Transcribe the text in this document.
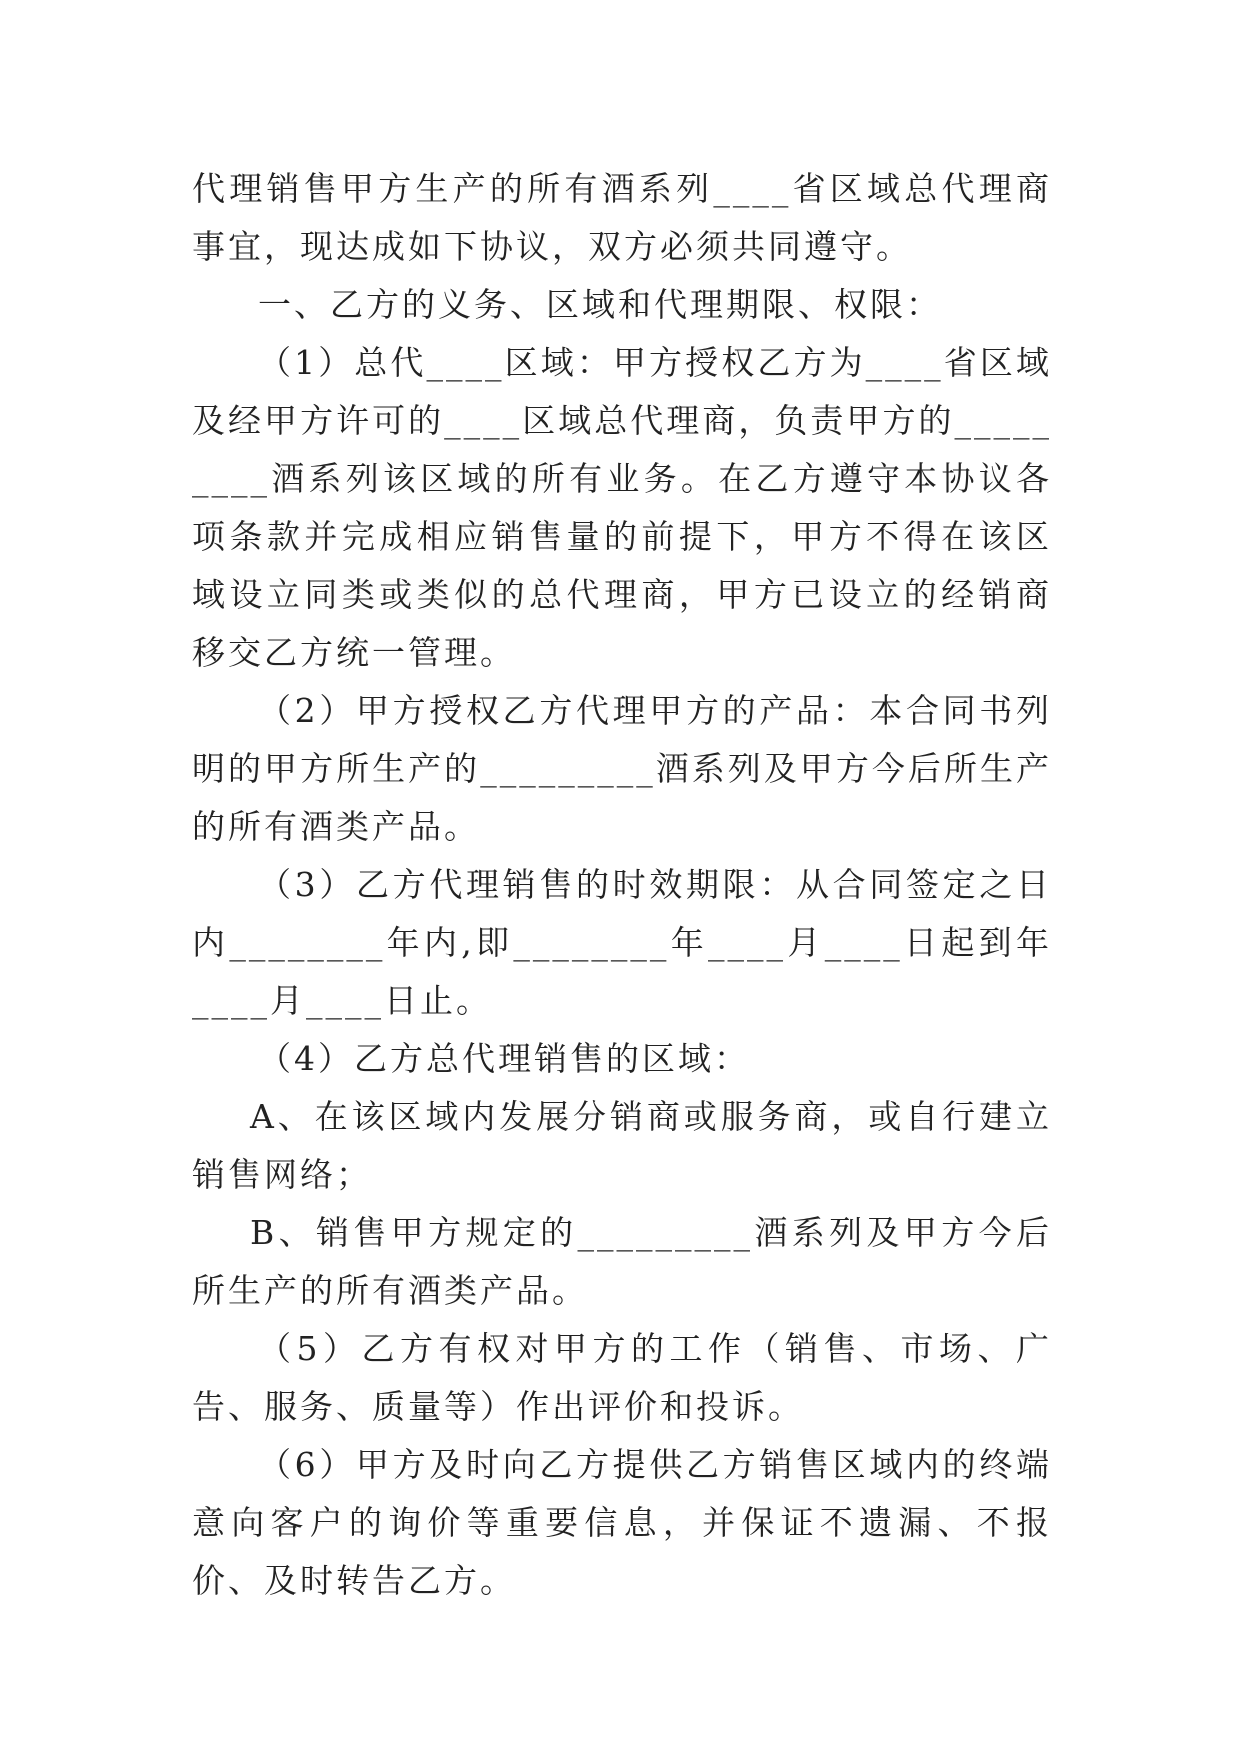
代理销售甲方生产的所有酒系列____省区域总代理商事宜，现达成如下协议，双方必须共同遵守。

一、乙方的义务、区域和代理期限、权限：

（1）总代____区域：甲方授权乙方为____省区域及经甲方许可的____区域总代理商，负责甲方的_________酒系列该区域的所有业务。在乙方遵守本协议各项条款并完成相应销售量的前提下，甲方不得在该区域设立同类或类似的总代理商，甲方已设立的经销商移交乙方统一管理。

（2）甲方授权乙方代理甲方的产品：本合同书列明的甲方所生产的_________酒系列及甲方今后所生产的所有酒类产品。

（3）乙方代理销售的时效期限：从合同签定之日内________年内,即________年____月____日起到年____月____日止。

（4）乙方总代理销售的区域：

A、在该区域内发展分销商或服务商，或自行建立销售网络；

B、销售甲方规定的_________酒系列及甲方今后所生产的所有酒类产品。

（5）乙方有权对甲方的工作（销售、市场、广告、服务、质量等）作出评价和投诉。

（6）甲方及时向乙方提供乙方销售区域内的终端意向客户的询价等重要信息，并保证不遗漏、不报价、及时转告乙方。
